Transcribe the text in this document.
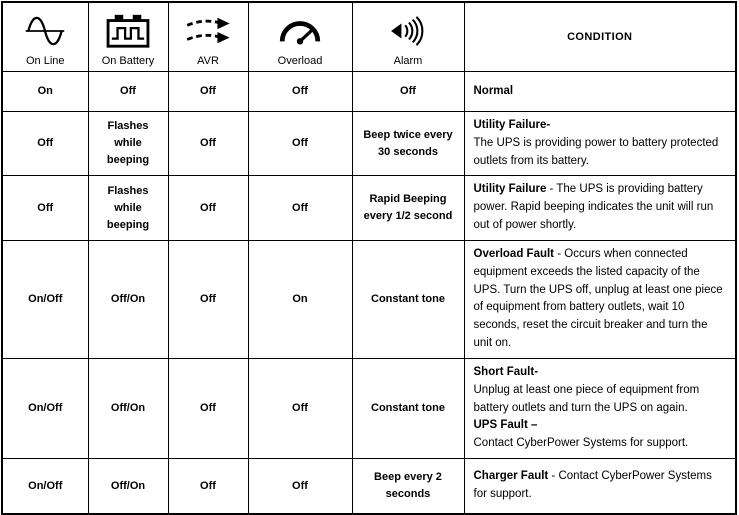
On Line	On Battery	AVR	Overload	Alarm	CONDITION
On	Off	Off	Off	Off	Normal
Off	Flashes while beeping	Off	Off	Beep twice every 30 seconds	Utility Failure-
The UPS is providing power to battery protected outlets from its battery.
Off	Flashes while beeping	Off	Off	Rapid Beeping every 1/2 second	Utility Failure - The UPS is providing battery power. Rapid beeping indicates the unit will run out of power shortly.
On/Off	Off/On	Off	On	Constant tone	Overload Fault - Occurs when connected equipment exceeds the listed capacity of the UPS. Turn the UPS off, unplug at least one piece of equipment from battery outlets, wait 10 seconds, reset the circuit breaker and turn the unit on.
On/Off	Off/On	Off	Off	Constant tone	Short Fault-
Unplug at least one piece of equipment from battery outlets and turn the UPS on again.
UPS Fault –
Contact CyberPower Systems for support.

On/Off	Off/On	Off	Off	Beep every 2 seconds	Charger Fault - Contact CyberPower Systems for support.
